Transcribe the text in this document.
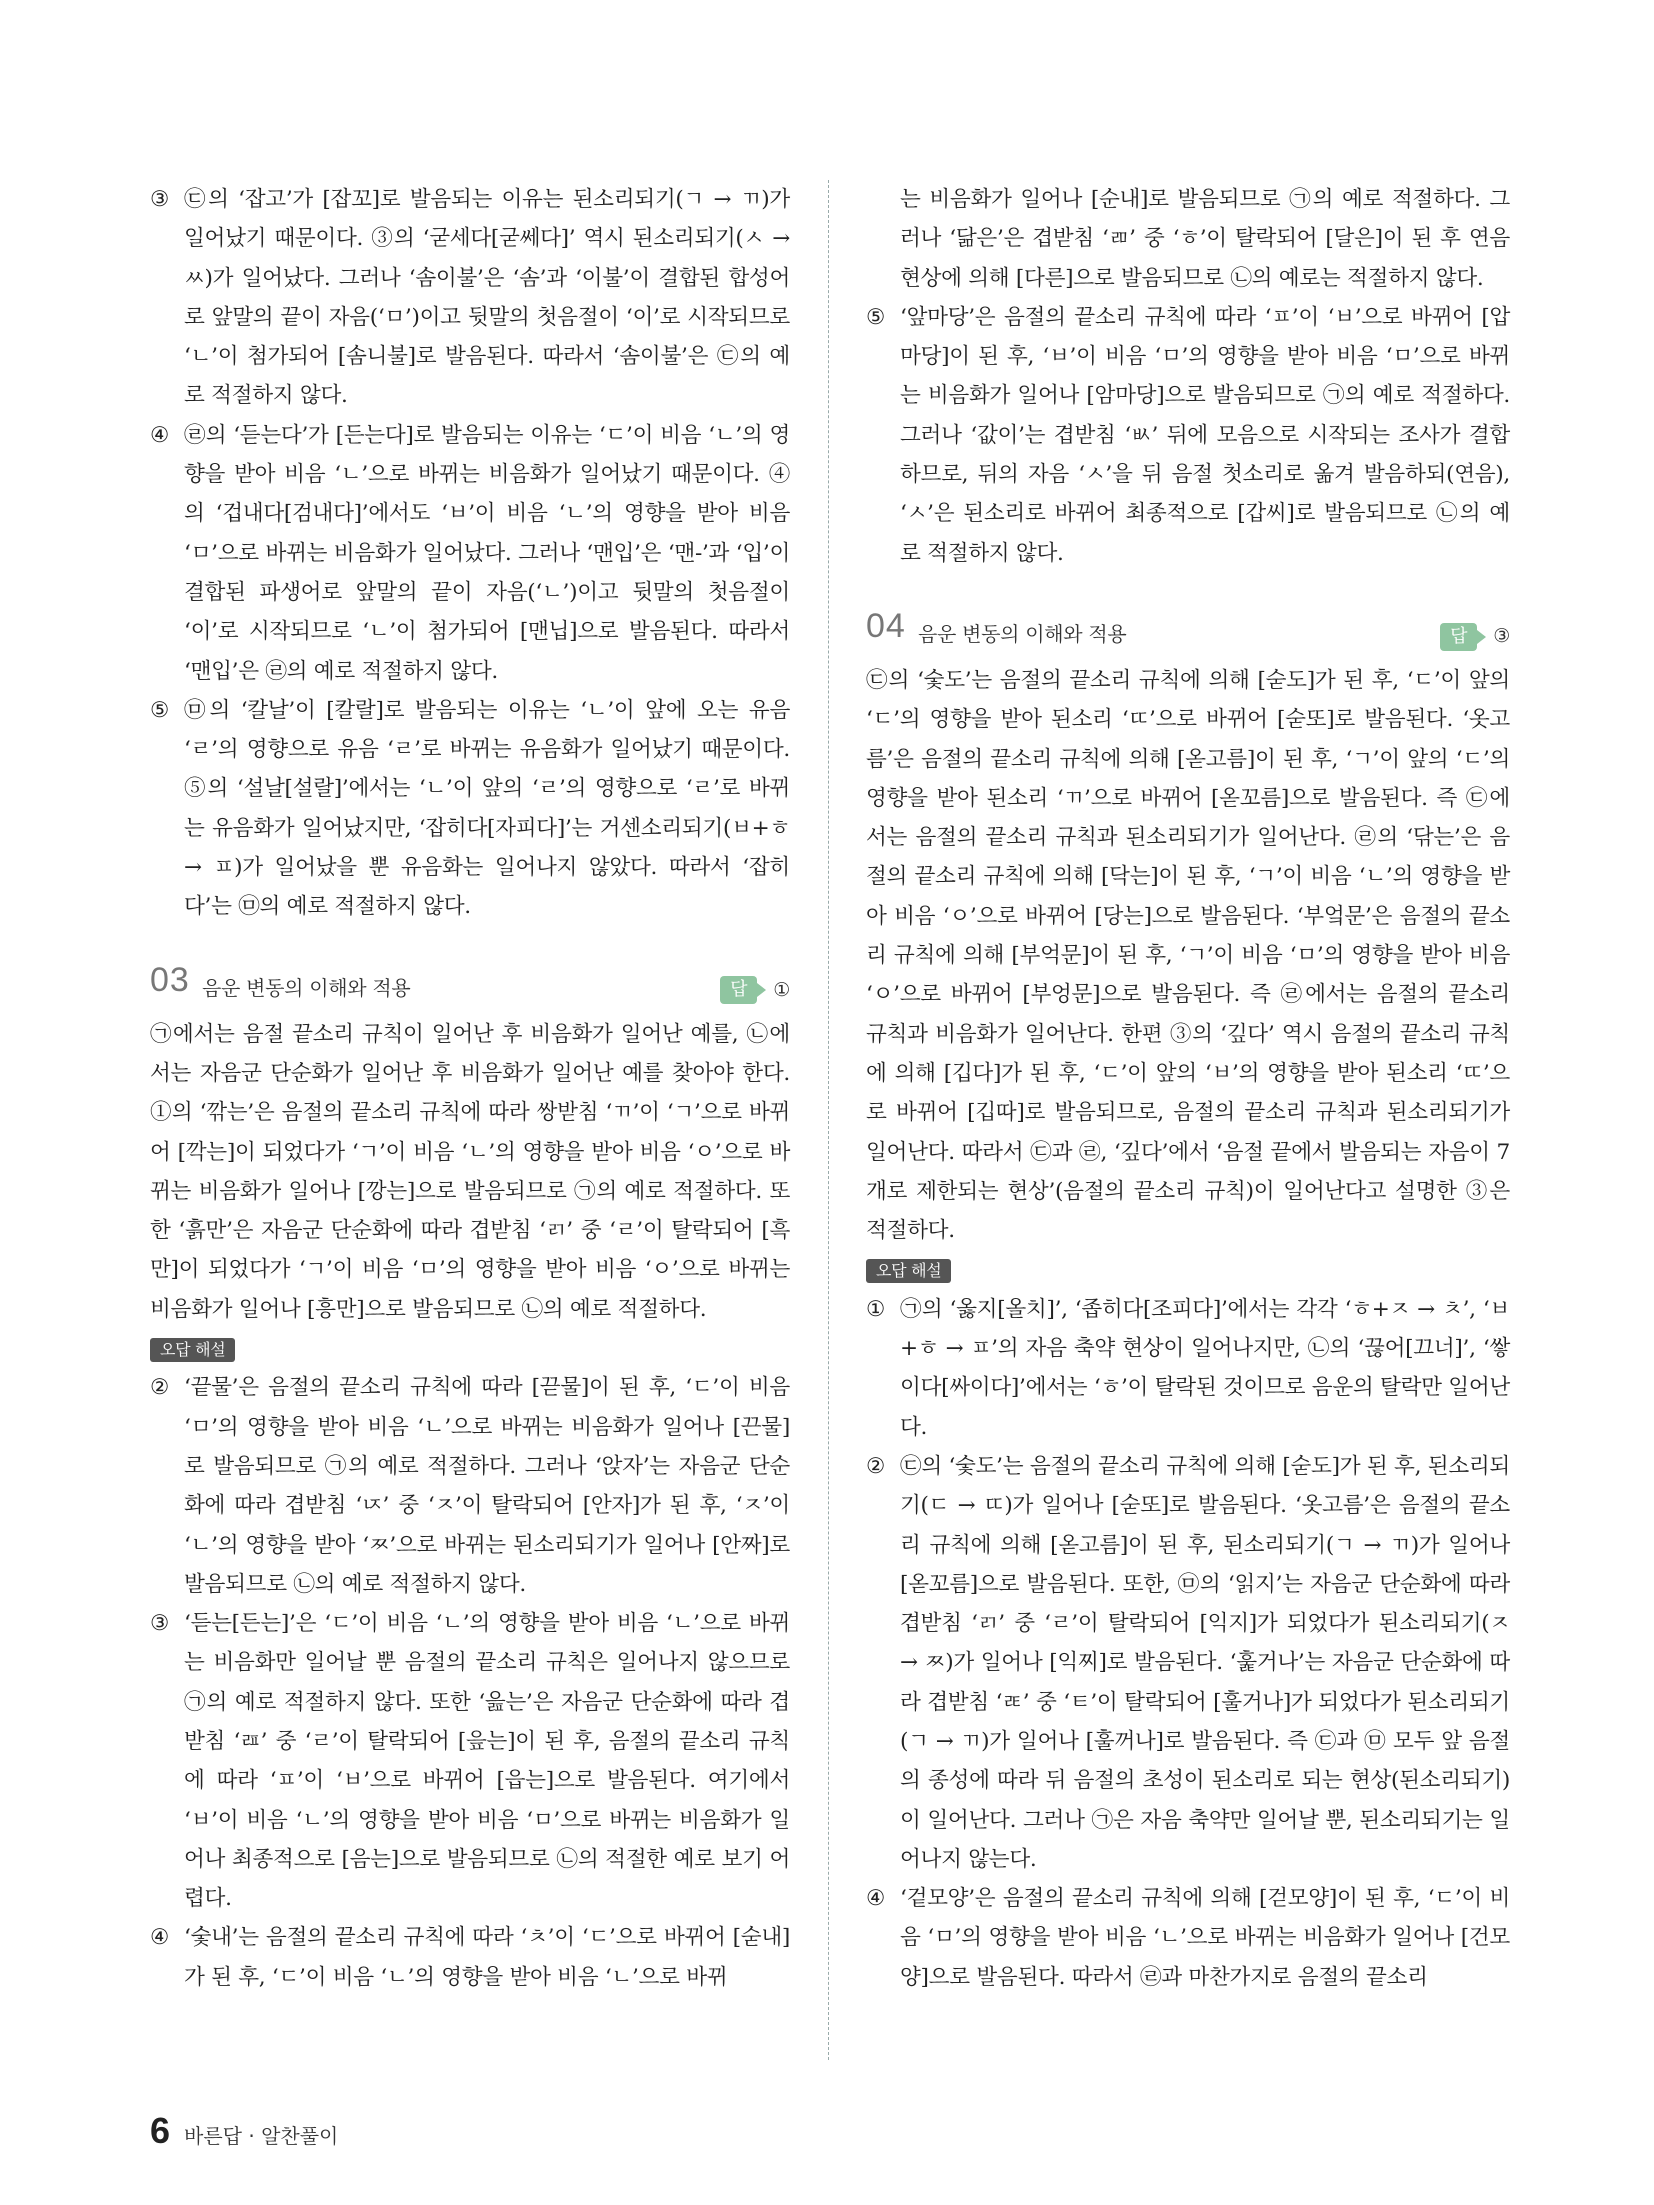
③ ㉢의 ‘잡고’가 [잡꼬]로 발음되는 이유는 된소리되기(ㄱ → ㄲ)가 일어났기 때문이다. ③의 ‘굳세다[굳쎄다]’ 역시 된소리되기(ㅅ → ㅆ)가 일어났다. 그러나 ‘솜이불’은 ‘솜’과 ‘이불’이 결합된 합성어로 앞말의 끝이 자음(‘ㅁ’)이고 뒷말의 첫음절이 ‘이’로 시작되므로 ‘ㄴ’이 첨가되어 [솜니불]로 발음된다. 따라서 ‘솜이불’은 ㉢의 예로 적절하지 않다.

④ ㉣의 ‘듣는다’가 [든는다]로 발음되는 이유는 ‘ㄷ’이 비음 ‘ㄴ’의 영향을 받아 비음 ‘ㄴ’으로 바뀌는 비음화가 일어났기 때문이다. ④의 ‘겁내다[검내다]’에서도 ‘ㅂ’이 비음 ‘ㄴ’의 영향을 받아 비음 ‘ㅁ’으로 바뀌는 비음화가 일어났다. 그러나 ‘맨입’은 ‘맨-’과 ‘입’이 결합된 파생어로 앞말의 끝이 자음(‘ㄴ’)이고 뒷말의 첫음절이 ‘이’로 시작되므로 ‘ㄴ’이 첨가되어 [맨닙]으로 발음된다. 따라서 ‘맨입’은 ㉣의 예로 적절하지 않다.

⑤ ㉤의 ‘칼날’이 [칼랄]로 발음되는 이유는 ‘ㄴ’이 앞에 오는 유음 ‘ㄹ’의 영향으로 유음 ‘ㄹ’로 바뀌는 유음화가 일어났기 때문이다. ⑤의 ‘설날[설랄]’에서는 ‘ㄴ’이 앞의 ‘ㄹ’의 영향으로 ‘ㄹ’로 바뀌는 유음화가 일어났지만, ‘잡히다[자피다]’는 거센소리되기(ㅂ+ㅎ → ㅍ)가 일어났을 뿐 유음화는 일어나지 않았다. 따라서 ‘잡히다’는 ㉤의 예로 적절하지 않다.

03 음운 변동의 이해와 적용	답	①

㉠에서는 음절 끝소리 규칙이 일어난 후 비음화가 일어난 예를, ㉡에서는 자음군 단순화가 일어난 후 비음화가 일어난 예를 찾아야 한다. ①의 ‘깎는’은 음절의 끝소리 규칙에 따라 쌍받침 ‘ㄲ’이 ‘ㄱ’으로 바뀌어 [깍는]이 되었다가 ‘ㄱ’이 비음 ‘ㄴ’의 영향을 받아 비음 ‘ㅇ’으로 바뀌는 비음화가 일어나 [깡는]으로 발음되므로 ㉠의 예로 적절하다. 또한 ‘흙만’은 자음군 단순화에 따라 겹받침 ‘ㄺ’ 중 ‘ㄹ’이 탈락되어 [흑만]이 되었다가 ‘ㄱ’이 비음 ‘ㅁ’의 영향을 받아 비음 ‘ㅇ’으로 바뀌는 비음화가 일어나 [흥만]으로 발음되므로 ㉡의 예로 적절하다.

오답 해설
② ‘끝물’은 음절의 끝소리 규칙에 따라 [끋물]이 된 후, ‘ㄷ’이 비음 ‘ㅁ’의 영향을 받아 비음 ‘ㄴ’으로 바뀌는 비음화가 일어나 [끈물]로 발음되므로 ㉠의 예로 적절하다. 그러나 ‘앉자’는 자음군 단순화에 따라 겹받침 ‘ㄵ’ 중 ‘ㅈ’이 탈락되어 [안자]가 된 후, ‘ㅈ’이 ‘ㄴ’의 영향을 받아 ‘ㅉ’으로 바뀌는 된소리되기가 일어나 [안짜]로 발음되므로 ㉡의 예로 적절하지 않다.

③ ‘듣는[든는]’은 ‘ㄷ’이 비음 ‘ㄴ’의 영향을 받아 비음 ‘ㄴ’으로 바뀌는 비음화만 일어날 뿐 음절의 끝소리 규칙은 일어나지 않으므로 ㉠의 예로 적절하지 않다. 또한 ‘읊는’은 자음군 단순화에 따라 겹받침 ‘ㄿ’ 중 ‘ㄹ’이 탈락되어 [읖는]이 된 후, 음절의 끝소리 규칙에 따라 ‘ㅍ’이 ‘ㅂ’으로 바뀌어 [읍는]으로 발음된다. 여기에서 ‘ㅂ’이 비음 ‘ㄴ’의 영향을 받아 비음 ‘ㅁ’으로 바뀌는 비음화가 일어나 최종적으로 [음는]으로 발음되므로 ㉡의 적절한 예로 보기 어렵다.

④ ‘숯내’는 음절의 끝소리 규칙에 따라 ‘ㅊ’이 ‘ㄷ’으로 바뀌어 [숟내]가 된 후, ‘ㄷ’이 비음 ‘ㄴ’의 영향을 받아 비음 ‘ㄴ’으로 바뀌

는 비음화가 일어나 [순내]로 발음되므로 ㉠의 예로 적절하다. 그러나 ‘닮은’은 겹받침 ‘ㄻ’ 중 ‘ㅎ’이 탈락되어 [달은]이 된 후 연음 현상에 의해 [다른]으로 발음되므로 ㉡의 예로는 적절하지 않다.

⑤ ‘앞마당’은 음절의 끝소리 규칙에 따라 ‘ㅍ’이 ‘ㅂ’으로 바뀌어 [압마당]이 된 후, ‘ㅂ’이 비음 ‘ㅁ’의 영향을 받아 비음 ‘ㅁ’으로 바뀌는 비음화가 일어나 [암마당]으로 발음되므로 ㉠의 예로 적절하다. 그러나 ‘값이’는 겹받침 ‘ㅄ’ 뒤에 모음으로 시작되는 조사가 결합하므로, 뒤의 자음 ‘ㅅ’을 뒤 음절 첫소리로 옮겨 발음하되(연음), ‘ㅅ’은 된소리로 바뀌어 최종적으로 [갑씨]로 발음되므로 ㉡의 예로 적절하지 않다.

04 음운 변동의 이해와 적용	답	③

㉢의 ‘숯도’는 음절의 끝소리 규칙에 의해 [숟도]가 된 후, ‘ㄷ’이 앞의 ‘ㄷ’의 영향을 받아 된소리 ‘ㄸ’으로 바뀌어 [숟또]로 발음된다. ‘옷고름’은 음절의 끝소리 규칙에 의해 [옫고름]이 된 후, ‘ㄱ’이 앞의 ‘ㄷ’의 영향을 받아 된소리 ‘ㄲ’으로 바뀌어 [옫꼬름]으로 발음된다. 즉 ㉢에서는 음절의 끝소리 규칙과 된소리되기가 일어난다. ㉣의 ‘닦는’은 음절의 끝소리 규칙에 의해 [닥는]이 된 후, ‘ㄱ’이 비음 ‘ㄴ’의 영향을 받아 비음 ‘ㅇ’으로 바뀌어 [당는]으로 발음된다. ‘부엌문’은 음절의 끝소리 규칙에 의해 [부억문]이 된 후, ‘ㄱ’이 비음 ‘ㅁ’의 영향을 받아 비음 ‘ㅇ’으로 바뀌어 [부엉문]으로 발음된다. 즉 ㉣에서는 음절의 끝소리 규칙과 비음화가 일어난다. 한편 ③의 ‘깊다’ 역시 음절의 끝소리 규칙에 의해 [깁다]가 된 후, ‘ㄷ’이 앞의 ‘ㅂ’의 영향을 받아 된소리 ‘ㄸ’으로 바뀌어 [깁따]로 발음되므로, 음절의 끝소리 규칙과 된소리되기가 일어난다. 따라서 ㉢과 ㉣, ‘깊다’에서 ‘음절 끝에서 발음되는 자음이 7개로 제한되는 현상’(음절의 끝소리 규칙)이 일어난다고 설명한 ③은 적절하다.

오답 해설
① ㉠의 ‘옳지[올치]’, ‘좁히다[조피다]’에서는 각각 ‘ㅎ+ㅈ → ㅊ’, ‘ㅂ+ㅎ → ㅍ’의 자음 축약 현상이 일어나지만, ㉡의 ‘끊어[끄너]’, ‘쌓이다[싸이다]’에서는 ‘ㅎ’이 탈락된 것이므로 음운의 탈락만 일어난다.

② ㉢의 ‘숯도’는 음절의 끝소리 규칙에 의해 [숟도]가 된 후, 된소리되기(ㄷ → ㄸ)가 일어나 [숟또]로 발음된다. ‘옷고름’은 음절의 끝소리 규칙에 의해 [옫고름]이 된 후, 된소리되기(ㄱ → ㄲ)가 일어나 [옫꼬름]으로 발음된다. 또한, ㉤의 ‘읽지’는 자음군 단순화에 따라 겹받침 ‘ㄺ’ 중 ‘ㄹ’이 탈락되어 [익지]가 되었다가 된소리되기(ㅈ → ㅉ)가 일어나 [익찌]로 발음된다. ‘훑거나’는 자음군 단순화에 따라 겹받침 ‘ㄾ’ 중 ‘ㅌ’이 탈락되어 [훌거나]가 되었다가 된소리되기(ㄱ → ㄲ)가 일어나 [훌꺼나]로 발음된다. 즉 ㉢과 ㉤ 모두 앞 음절의 종성에 따라 뒤 음절의 초성이 된소리로 되는 현상(된소리되기)이 일어난다. 그러나 ㉠은 자음 축약만 일어날 뿐, 된소리되기는 일어나지 않는다.

④ ‘겉모양’은 음절의 끝소리 규칙에 의해 [걷모양]이 된 후, ‘ㄷ’이 비음 ‘ㅁ’의 영향을 받아 비음 ‘ㄴ’으로 바뀌는 비음화가 일어나 [건모양]으로 발음된다. 따라서 ㉣과 마찬가지로 음절의 끝소리

6 바른답 · 알찬풀이
